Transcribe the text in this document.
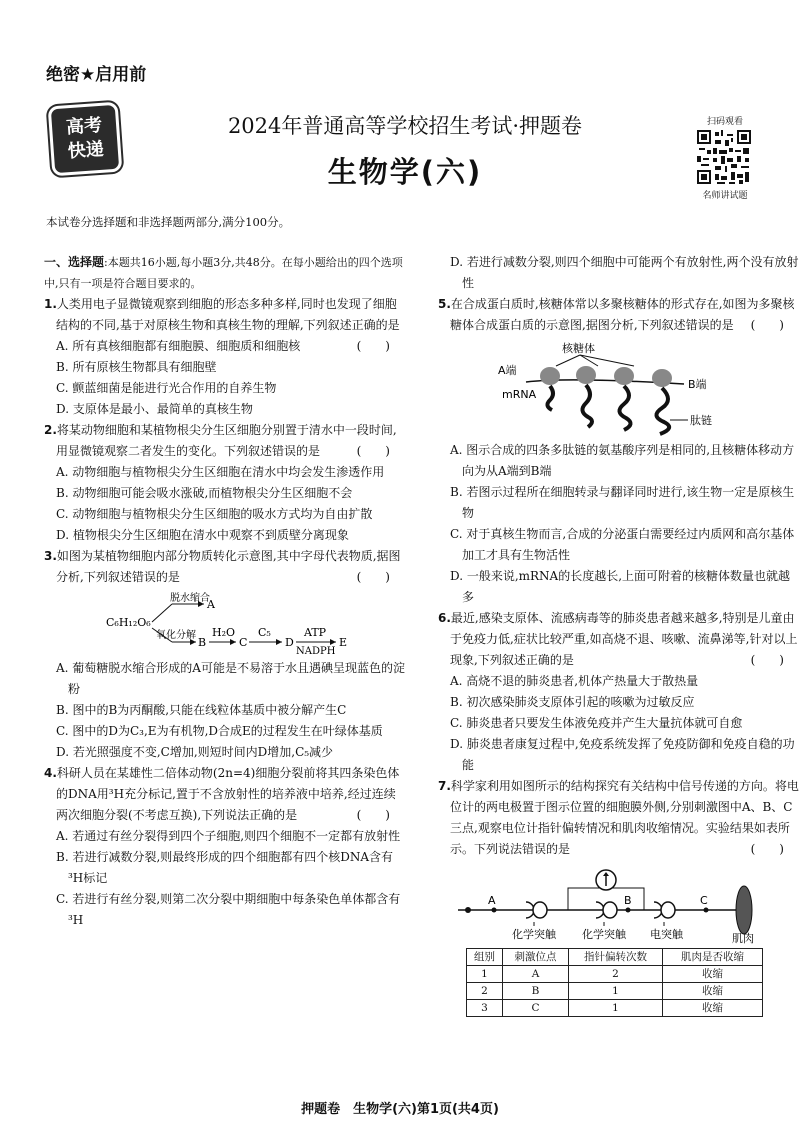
绝密★启用前
高考
快递
2024年普通高等学校招生考试·押题卷
生物学(六)
扫码观看
名师讲试题
本试卷分选择题和非选择题两部分,满分100分。
一、选择题:本题共16小题,每小题3分,共48分。在每小题给出的四个选项中,只有一项是符合题目要求的。
1.人类用电子显微镜观察到细胞的形态多种多样,同时也发现了细胞结构的不同,基于对原核生物和真核生物的理解,下列叙述正确的是
(　　)
A. 所有真核细胞都有细胞膜、细胞质和细胞核
B. 所有原核生物都具有细胞壁
C. 颤蓝细菌是能进行光合作用的自养生物
D. 支原体是最小、最简单的真核生物
2.将某动物细胞和某植物根尖分生区细胞分别置于清水中一段时间,用显微镜观察二者发生的变化。下列叙述错误的是	(　　)
A. 动物细胞与植物根尖分生区细胞在清水中均会发生渗透作用
B. 动物细胞可能会吸水涨破,而植物根尖分生区细胞不会
C. 动物细胞与植物根尖分生区细胞的吸水方式均为自由扩散
D. 植物根尖分生区细胞在清水中观察不到质壁分离现象
3.如图为某植物细胞内部分物质转化示意图,其中字母代表物质,据图分析,下列叙述错误的是	(　　)
C₆H₁₂O₆
脱水缩合
A
氧化分解
B
H₂O
C
C₅
D
ATP
NADPH
E
A. 葡萄糖脱水缩合形成的A可能是不易溶于水且遇碘呈现蓝色的淀粉
B. 图中的B为丙酮酸,只能在线粒体基质中被分解产生C
C. 图中的D为C₃,E为有机物,D合成E的过程发生在叶绿体基质
D. 若光照强度不变,C增加,则短时间内D增加,C₅减少
4.科研人员在某雄性二倍体动物(2n=4)细胞分裂前将其四条染色体的DNA用³H充分标记,置于不含放射性的培养液中培养,经过连续两次细胞分裂(不考虑互换),下列说法正确的是	(　　)
A. 若通过有丝分裂得到四个子细胞,则四个细胞不一定都有放射性
B. 若进行减数分裂,则最终形成的四个细胞都有四个核DNA含有³H标记
C. 若进行有丝分裂,则第二次分裂中期细胞中每条染色单体都含有³H
D. 若进行减数分裂,则四个细胞中可能两个有放射性,两个没有放射性
5.在合成蛋白质时,核糖体常以多聚核糖体的形式存在,如图为多聚核糖体合成蛋白质的示意图,据图分析,下列叙述错误的是 (　　)
A端
mRNA
核糖体
B端
肽链
A. 图示合成的四条多肽链的氨基酸序列是相同的,且核糖体移动方向为从A端到B端
B. 若图示过程所在细胞转录与翻译同时进行,该生物一定是原核生物
C. 对于真核生物而言,合成的分泌蛋白需要经过内质网和高尔基体加工才具有生物活性
D. 一般来说,mRNA的长度越长,上面可附着的核糖体数量也就越多
6.最近,感染支原体、流感病毒等的肺炎患者越来越多,特别是儿童由于免疫力低,症状比较严重,如高烧不退、咳嗽、流鼻涕等,针对以上现象,下列叙述正确的是	(　　)
A. 高烧不退的肺炎患者,机体产热量大于散热量
B. 初次感染肺炎支原体引起的咳嗽为过敏反应
C. 肺炎患者只要发生体液免疫并产生大量抗体就可自愈
D. 肺炎患者康复过程中,免疫系统发挥了免疫防御和免疫自稳的功能
7.科学家利用如图所示的结构探究有关结构中信号传递的方向。将电位计的两电极置于图示位置的细胞膜外侧,分别刺激图中A、B、C三点,观察电位计指针偏转情况和肌肉收缩情况。实验结果如表所示。下列说法错误的是	(　　)
A	B	C
化学突触 化学突触 电突触	肌肉
组别	刺激位点	指针偏转次数	肌肉是否收缩
1	A	2	收缩
2	B	1	收缩
3	C	1	收缩
押题卷　生物学(六)第1页(共4页)
